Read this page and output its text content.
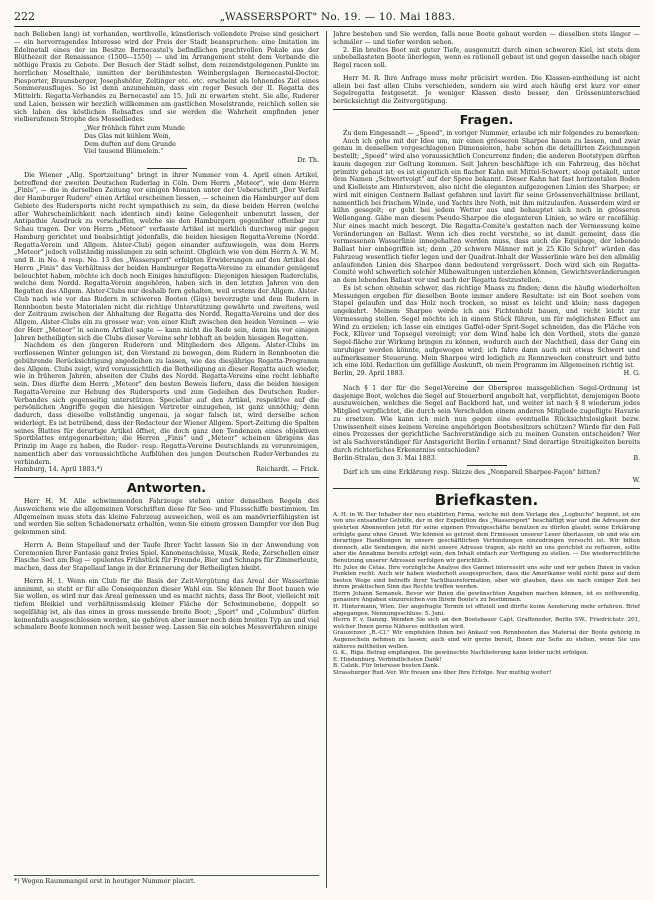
222	„WASSERSPORT" No. 19. — 10. Mai 1883.

nach Belieben lang) ist vorhanden, werthvolle, künstlerisch vollendete Preise sind gesichert — ein hervorragendes Interesse wird der Preis der Stadt beanspruchen: eine Imitation im Edelmetall eines der im Besitze Bernecastel's befindlichen prachtvollen Pokale aus der Blüthezeit der Renaissance (1500—1550) — und im Arrangement steht dem Verbande die nöthige Praxis zu Gebote. Der Besuch der Stadt selbst, dem reizendstgelegenen Punkte im herrlichen Moselthale, inmitten der berühmtesten Weinbergslagen Bernecastel-Doctor, Piesporter, Braunsberger, Josephshöfer, Zeltinger etc. etc. erscheint als lohnendes Ziel eines Sommerausfluges. So ist denn anzunehmen, dass ein reger Besuch der II. Regatta des Mittelrh. Regatta-Verbandes zu Bernecastel am 15. Juli zu erwarten steht. Sie alle, Ruderer und Laien, heissen wir herzlich willkommen am gastlichen Moselstrande, reichlich sollen sie sich laben des köstlichen Rebsaftes und sie werden die Wahrheit empfinden jener vielberufenen Strophe des Mosselliedes:

„Wer fröhlich führt zum Munde
Das Glas mit kühlem Wein,
Dem duften auf dem Grunde
Viel tausend Blümelein."
Dr. Th.

Die Wiener „Allg. Sportzeitung" bringt in ihrer Nummer vom 4. April einen Artikel, betreffend der zweiten Deutschen Ruderlag in Cöln. Dem Herrn „Meteor", wie dem Herrn „Finis", — die in derselben Zeitung vor einigen Monaten unter der Ueberschrift „Der Verfall der Hamburger Rudere" einen Artikel erscheinen liessen, — scheinen die Hamburger auf dem Gebiete des Rudersports nicht recht sympathisch zu sein, da diese beiden Herren (welche aller Wahrscheinlichkeit nach identisch sind) keine Gelegenheit unbenutzt lassen, der Antipathie Ausdruck zu verschaffen, welche sie den Hamburgern gegenüber offenbar zur Schau tragen. Der von Herrn „Meteor" verfasste Artikel ist merklich durchweg mir gegen Hamburg gerichtet und beabsichtigt jedenfalls, die beiden hiesigen Regatta-Vereine (Nordd. Regatta-Verein und Allgem. Alster-Club) gegen einander aufzuwiegeln, was dem Herrn „Meteor" jedoch vollständig misslungen zu sein scheint. Obgleich wie von dem Herrn A. W. M. und B. in No. 4 resp. No. 13 des „Wassersport" erfolgten Erwiderungen auf den Artikel des Herrn „Finis" das Verhältniss der beiden Hamburger Regatta-Vereine zu einander genügend beleuchtet haben, möchte ich doch noch Einiges hinzufügen: Diejenigen hiesigen Ruderclubs, welche dem Nordd. Regatta-Verein angehören, haben sich in den letzten Jahren von den Regatten des Allgem. Alster-Clubs nur deshalb fern gehalten, weil erstens der Allgem. Alster-Club nach wie vor das Rudern in schweren Booten (Gigs) bevorzugte und dem Rudern in Rennbooten beste Materialen nicht die richtige Unterstützung gewährte und zweitens, weil der Zeitraum zwischen der Abhaltung der Regatta des Nordd. Regatta-Vereins und der des Allgem. Alster-Clubs ein zu grosser war; von einer Kluft zwischen den beiden Vereinen — wie der Herr „Meteor" in seinem Artikel sagte — kann nicht die Rede sein, denn bis vor einigen Jahren betheiligten sich die Clubs dieser Vereine sehr lebhaft an beiden hiesigen Regatten.

Nachdem es den jüngeren Ruderern und Mitgliedern des Allgem. Alster-Clubs im verflossenen Winter gelungen ist, den Vorstand zu bewegen, dem Rudern in Rennbooten die gebührende Berücksichtigung angedeihen zu lassen, wie das diesjährige Regatta-Programm des Allgem. Clubs zeigt, wird voraussichtlich die Betheiligung an dieser Regatta auch wieder, wie in früheren Jahren, abseiten der Clubs des Nordd. Regatta-Vereins eine recht lebhafte sein. Dies dürfte dem Herrn „Meteor" den besten Beweis liefern, dass die beiden hiesigen Regatta-Vereine zur Hebung des Rudersports und zum Gedeihen des Deutschen Ruder-Verbandes sich gegenseitig unterstützen. Speciellar auf den Artikel, respektive auf die persönlichen Angriffe gegen die hiesigen Vertreter einzugehen, ist ganz unnöthig; denn dadurch, dass dieselbe vollständig ungenau, ja sogar falsch ist, wird derselbe schon widerlegt. Es ist betrübend, dass der Redacteur der Wiener Allgem. Sport-Zeitung die Spalten seines Blattes für derartige Artikel öffnet, die doch ganz den Tendenzen eines objektiven Sportblattes entgegenarbeiten; die Herren „Finis" und „Meteor" scheinen übrigens das Prinzip im Auge zu haben, die Ruder- resp. Regatta-Vereine Deutschlands zu verunreinigen, namentlich aber das voraussichtliche Aufblühen des jungen Deutschen Ruder-Verbandes zu verhindern.

Hamburg, 14. April 1883.*)	Reichardt. — Frick.
Antworten.

Herr H. M. Alle schwimmenden Fahrzeuge stehen unter denselben Regeln des Ausweichens wie die allgemeinen Vorschriften diese für See- und Flussschiffe bestimmen. Im Allgemeinen muss stets das kleine Fahrzeug ausweichen, weil es am manövrierfähigsten ist und werden Sie selten Schadenersatz erhalten, wenn Sie einem grossen Dampfer vor den Bug gekommen sind.

Herrn A. Beim Stapellauf und der Taufe Ihrer Yacht lassen Sie in der Anwendung von Ceremonien Ihrer Fantasie ganz freies Spiel. Kanonenschüsse, Musik, Rede, Zerschellen einer Flasche Sect am Bug — opulentes Frühstück für Freunde, Bier und Schnaps für Zimmerleute, machen, dass der Stapellauf lange in der Erinnerung der Betheiligten bleibt.

Herrn H. 1. Wenn ein Club für die Basis der Zeit-Vergütung das Areal der Wasserlinie annimmt, so steht er für alle Consequenzen dieser Wahl ein. Sie können Ihr Boot bauen wie Sie wollen, es wird nur das Areal gemessen und es macht nichts, dass Ihr Boot, vielleicht mit tiefem Bleikiel und verhältnissmässig kleiner Fläche der Schwimmebene, doppelt so segelfähig ist, als das eines in gross messende breite Boot; „Sport" und „Columbus" dürfen keinenfalls ausgeschlossen werden, sie gehören aber immer noch dem breiten Typ an und viel schmalere Boote kommen noch weit besser weg. Lassen Sie ein solches Messverfahren einige

*) Wegen Raummangel erst in heutiger Nummer placirt.

Jahre bestehen und Sie werden, falls neue Boote gebaut werden — dieselben stets länger — schmäler — und tiefer werden sehen.

2. Ein breites Boot mit guter Tiefe, ausgenutzt durch einen schweren Kiel, ist stets dem unbeballasteten Boote überlegen, wenn es rationell gebaut ist und gegen dasselbe nach obiger Regel racen soll.

Herr M. R. Ihre Anfrage muss mehr präcisirt werden. Die Klassen-eintheilung ist nicht allein bei fast allen Clubs verschieden, sondern sie wird auch häufig erst kurz vor einer Segelregatta festgesetzt. Je weniger Klassen desto besser, den Grössenunterschied berücksichtigt die Zeitvergütigung.

Fragen.

Zu dem Eingesandt — „Speed", in voriger Nummer, erlaube ich mir folgendes zu bemerken:

Auch ich gehe mit der Idee um, mir einen grösseren Sharpee bauen zu lassen, und zwar genau in denselben vorgeschlagenen Dimensionen, habe schon die detaillirten Zeichnungen bestellt; „Speed" wird also voraussichtlich Concurrenz finden; die anderen Bootstypen dürften kaum dagegen zur Geltung kommen. Seit Jahren beschäftige ich ein Fahrzeug, das höchst primitiv gebaut ist; es ist eigentlich ein flacher Kahn mit Mittel-Schwert, sloop getakelt, unter dem Namen „Schwertvoigt" auf der Spree bekannt. Dieser Kahn hat fast horizontalen Boden und Kielleiste am Hintersteven, also nicht die eleganten aufgezogenen Linien des Sharpee; er wird mit einigen Centnern Ballast gefahren und lavirt für seine Grössenverhältnisse brillant, namentlich bei frischem Winde, und Yachts ihre Noth, mit ihm mitzulaufen. Ausserdem wird er kühn gesegelt; er geht bei jedem Wetter aus und behauptet sich noch in grösseren Wellengang. Gäbe man diesem Pseudo-Sharpee die eleganteren Linien, so wäre er racefähig. Nur eines macht mich besorgt. Die Regatta-Comité's gestatten nach der Vermessung keine Veränderungen an Ballast. Wenn ich dies recht verstehe, so ist damit gemeint, dass die vermessenen Wasserlinie innegehalten werden muss, dass auch die Equipage, der lebende Ballast hier einbegriffen ist; denn „20 schwere Männer mit je 25 Kilo Schrot" würden das Fahrzeug wesentlich tiefer legen und der Quadrat-Inhalt der Wasserlinie wäre bei den allmälig anlaufenden Linien des Sharpee dann bedeutend vergrössert. Doch wird sich ein Regatta-Comité wohl schwerlich solcher Mühewaltungen unterziehen können, Gewichtsveränderungen an dem lebenden Ballast vor und nach der Regatta festzustellen.

Es ist schon ohnehin schwer, das richtige Maass zu finden; denn die häufig wiederholten Messungen ergeben für dieselben Boote immer andere Resultate: ist ein Boot soeben vom Stapel gelaufen und das Holz noch trocken, so misst es leicht und klein; nass dagegen ungekehrt. Meinem Sharpee werde ich aus Fichtenholz bauen, und recht leicht zur Vermessung stellen. Segel möchte ich in einem Stück führen, um für möglichsten Effect am Wind zu erzielen; ich lasse ein einziges Gaffel-oder Sprit-Segel schneiden, das die Fläche von Fock, Klüver und Topsegel vereinigt; vor dem Wind habe ich den Vortheil, stets die ganze Segel-fläche zur Wirkung bringen zu können, wodurch auch der Nachtheil, dass der Gang ein unruhiger werden könnte, aufgewogen wird; ich fahre dann auch mit etwas Schwert und aufmerksamer Steuerung. Mein Sharpee wird lediglich zu Rennzwecken construirt und bitte ich eine löbl. Redaction um gefällige Auskunft, ob mein Programm im Allgemeinen richtig ist.

Berlin, 29. April 1883.	H. G.

Nach § 1 der für die Segel-Vereine der Oberspree massgeblichen Segel-Ordnung ist dasjenige Boot, welches die Segel auf Steuerbord angebolt hat, verpflichtet, demjenigen Boote auszuweichen, welches die Segel auf Backbord hat, und weiter ist nach § 8 wiederum jedes Mitglied verpflichtet, die durch sein Verschulden einem anderen Mitgliede zugefügte Havarie zu ersetzen. Wie kann ich mich nun gegen eine eventuelle Rücksichtslosigkeit bezw. Unwissenheit eines keinem Vereine angehörigen Bootsbesitzers schützen? Würde für den Fall eines Prozesses der gerichtliche Sachverständige sich zu meinen Gunsten entscheiden? Wer ist als Sachverständiger für Amtsgericht Berlin I ernannt? Sind derartige Streitigkeiten bereits durch richterliches Erkenntniss entschieden?

Berlin-Stralau, den 3. Mai 1883.	B.

Darf ich um eine Erklärung resp. Skizze des „Nonpareil Sharpee-Façon" bitten?

W.
Briefkasten.

A. H. in W. Der Inhaber der neu etablirten Firma, welche mit dem Verlage des „Logbuchs" beginnt, ist ein von uns entsandter Gehülfe, der in der Expedition des „Wassersport" beschäftigt war und die Adressen der geehrten Abonnenten jetzt für seine eigenen Privatgeschäfte benutzen zu dürfen glaubt; seine Erklärung erfolgte ganz ohne Grund. Wir können es getrost dem Ermessen unserer Leser überlassen, ob und wie ein derartiges Handlungen in unsere geschäftlichen Verbindungen einzudringen versucht ist. Wir bitten dennoch, alle Sendungen, die nicht unsere Adresse tragen, als nicht an uns gerichtet zu refüsiren, sollte aber die Annahme bereits erfolgt sein, den Inhalt einfach zur Verfügung zu stellen. — Die wiederrechtliche Benutzung unserer Adressen verfolgen wir gerichtlich.

Hr. Jules de Cetas. Ihre vorzügliche Analyse des Gannet interessirt uns sehr und wir geben Ihnen in vielen Punkten recht. Auch wir haben wiederholt ausgesprochen, dass die Amerikaner wohl nicht ganz auf dem besten Wege sind betreffs ihrer Yachtbaureformation, aber wir glauben, dass sie nach einiger Zeit bei ihrem praktischen Sinn das Rechte treffen werden.

Herrn Johann Semanek. Bevor wir Ihnen die gewünschten Angaben machen können, ist es nothwendig, genauere Angaben einzureichen von Ihrem Boote's zu bestimmen.

H. Hintermann, Wien. Der angefragte Termin ist offiziell und dürfte keine Aenderung mehr erfahren. Brief abgegangen. Nennungsschluss: 5. Juni.

Herrn F. v. Danzig. Wenden Sie sich an den Bootsbauer Capt. Graffeneder, Berlin SW., Friedrichstr. 201, welcher Ihnen gerne Näheres mittheilen wird.

Grauzenzer „R.-Cl." Wir empfehlen Ihnen bei Ankauf von Rennbooten das Material der Boote gehörig in Augenschein nehmen zu lassen; auch sind wir gerne bereit, Ihnen zur Seite zu stehen, wenn Sie uns näheres mittheilen wollen.

G. K., Riga. Betrag empfangen. Die gewünschte Nachlieferung kann leider nicht erfolgen.

E. Hindenburg. Verbindlichsten Dank!

B. Calzik. Für Interesse besten Dank.

Strassburger Rud.-Ver. Wir freuen uns über Ihre Erfolge. Nur muthig weiter!
